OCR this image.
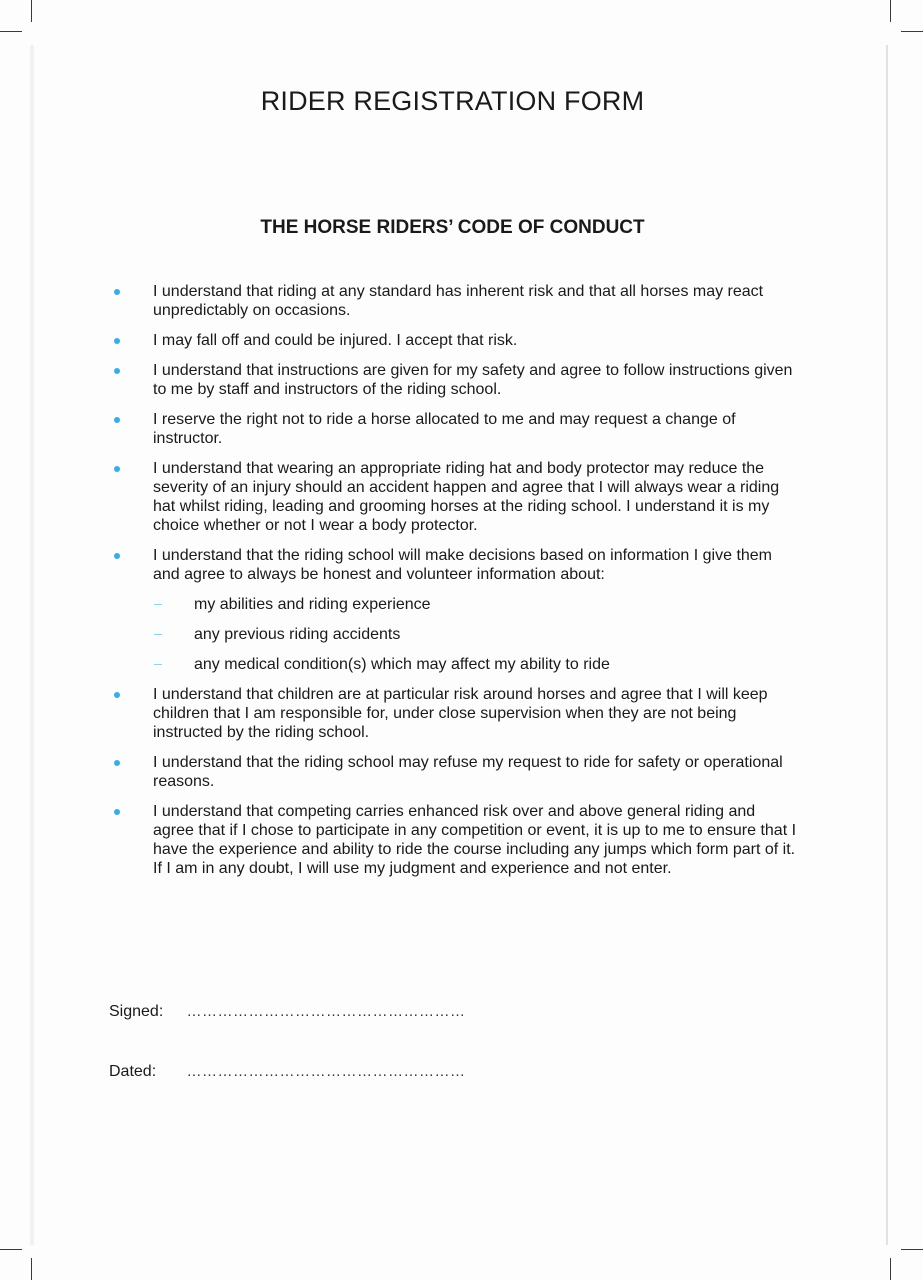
RIDER REGISTRATION FORM
THE HORSE RIDERS’ CODE OF CONDUCT
I understand that riding at any standard has inherent risk and that all horses may react unpredictably on occasions.
I may fall off and could be injured. I accept that risk.
I understand that instructions are given for my safety and agree to follow instructions given to me by staff and instructors of the riding school.
I reserve the right not to ride a horse allocated to me and may request a change of instructor.
I understand that wearing an appropriate riding hat and body protector may reduce the severity of an injury should an accident happen and agree that I will always wear a riding hat whilst riding, leading and grooming horses at the riding school. I understand it is my choice whether or not I wear a body protector.
I understand that the riding school will make decisions based on information I give them and agree to always be honest and volunteer information about:
my abilities and riding experience
any previous riding accidents
any medical condition(s) which may affect my ability to ride
I understand that children are at particular risk around horses and agree that I will keep children that I am responsible for, under close supervision when they are not being instructed by the riding school.
I understand that the riding school may refuse my request to ride for safety or operational reasons.
I understand that competing carries enhanced risk over and above general riding and agree that if I chose to participate in any competition or event, it is up to me to ensure that I have the experience and ability to ride the course including any jumps which form part of it. If I am in any doubt, I will use my judgment and experience and not enter.
Signed: ………………………………………………
Dated: ………………………………………………
